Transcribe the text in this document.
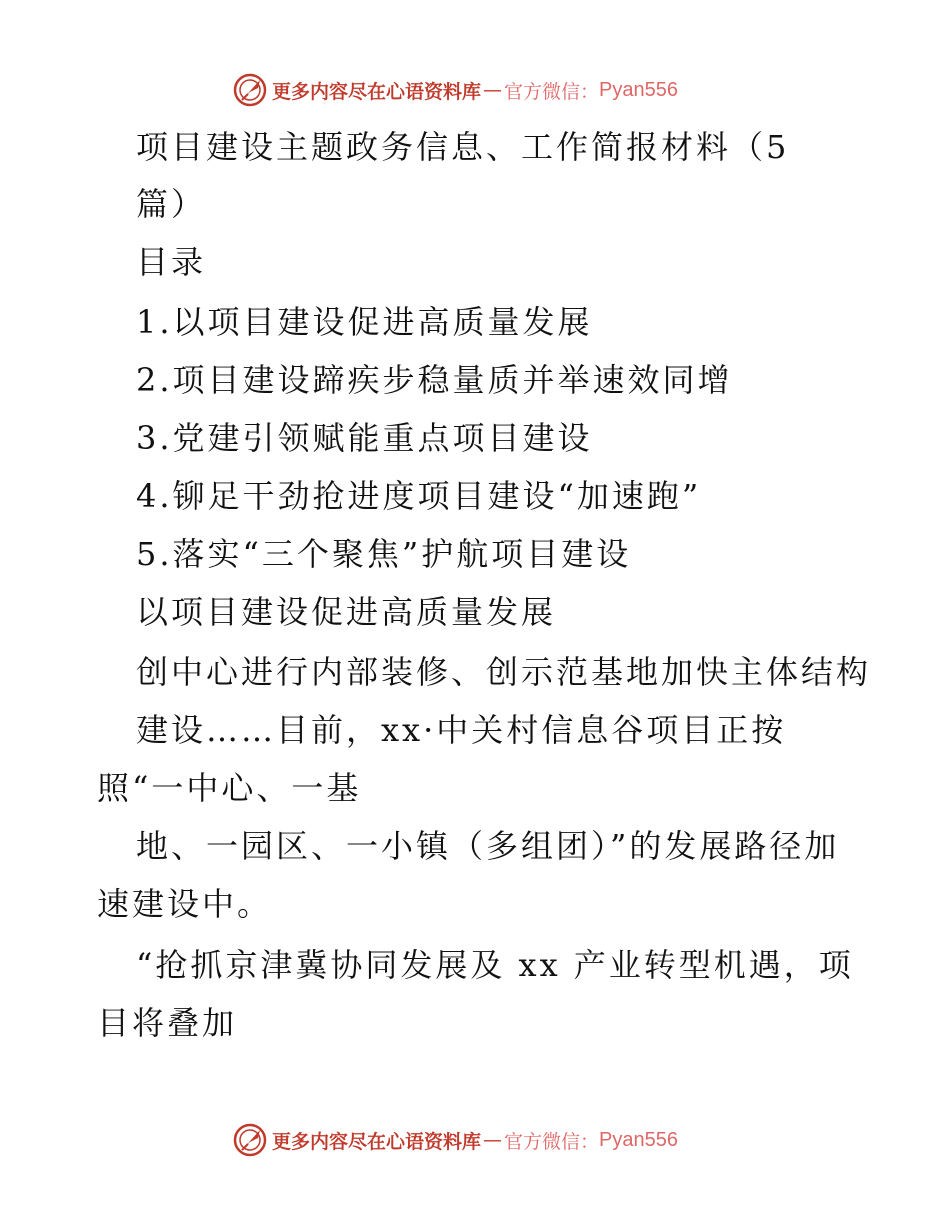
更多内容尽在心语资料库 — 官方微信： Pyan556
项目建设主题政务信息、工作简报材料（5
篇）
目录
1.以项目建设促进高质量发展
2.项目建设蹄疾步稳量质并举速效同增
3.党建引领赋能重点项目建设
4.铆足干劲抢进度项目建设“加速跑”
5.落实“三个聚焦”护航项目建设
以项目建设促进高质量发展
创中心进行内部装修、创示范基地加快主体结构
建设……目前，xx·中关村信息谷项目正按
照“一中心、一基
地、一园区、一小镇（多组团）”的发展路径加
速建设中。
“抢抓京津冀协同发展及 xx 产业转型机遇，项
目将叠加
更多内容尽在心语资料库 — 官方微信： Pyan556
